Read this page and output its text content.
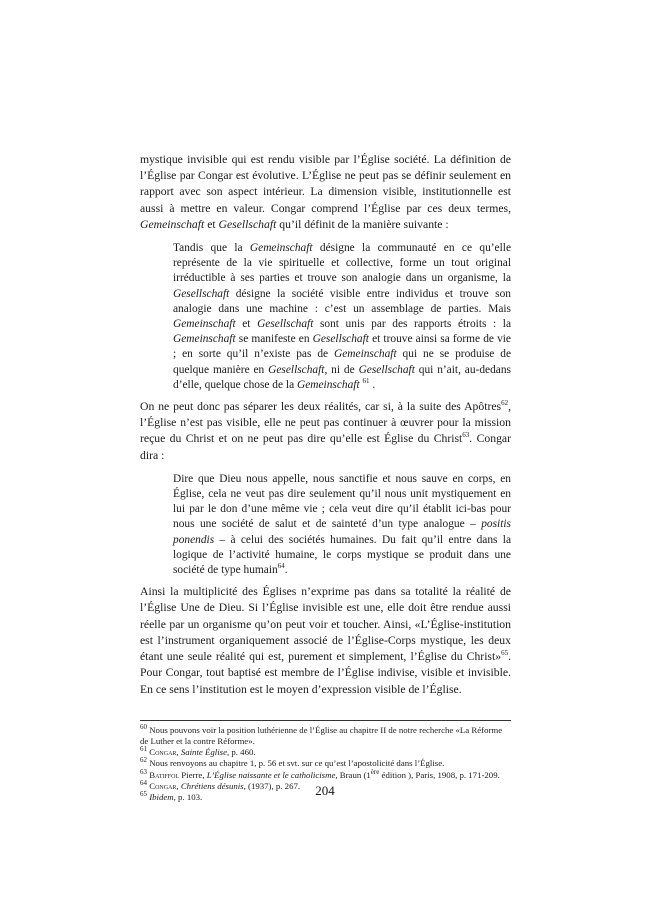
mystique invisible qui est rendu visible par l’Église société. La définition de l’Église par Congar est évolutive. L’Église ne peut pas se définir seulement en rapport avec son aspect intérieur. La dimension visible, institutionnelle est aussi à mettre en valeur. Congar comprend l’Église par ces deux termes, Gemeinschaft et Gesellschaft qu’il définit de la manière suivante :

Tandis que la Gemeinschaft désigne la communauté en ce qu’elle représente de la vie spirituelle et collective, forme un tout original irréductible à ses parties et trouve son analogie dans un organisme, la Gesellschaft désigne la société visible entre individus et trouve son analogie dans une machine : c’est un assemblage de parties. Mais Gemeinschaft et Gesellschaft sont unis par des rapports étroits : la Gemeinschaft se manifeste en Gesellschaft et trouve ainsi sa forme de vie ; en sorte qu’il n’existe pas de Gemeinschaft qui ne se produise de quelque manière en Gesellschaft, ni de Gesellschaft qui n’ait, au-dedans d’elle, quelque chose de la Gemeinschaft $^{61}$ .

On ne peut donc pas séparer les deux réalités, car si, à la suite des Apôtres$^{62}$, l’Église n’est pas visible, elle ne peut pas continuer à œuvrer pour la mission reçue du Christ et on ne peut pas dire qu’elle est Église du Christ$^{63}$. Congar dira :

Dire que Dieu nous appelle, nous sanctifie et nous sauve en corps, en Église, cela ne veut pas dire seulement qu’il nous unit mystiquement en lui par le don d’une même vie ; cela veut dire qu’il établit ici-bas pour nous une société de salut et de sainteté d’un type analogue – positis ponendis – à celui des sociétés humaines. Du fait qu’il entre dans la logique de l’activité humaine, le corps mystique se produit dans une société de type humain$^{64}$.

Ainsi la multiplicité des Églises n’exprime pas dans sa totalité la réalité de l’Église Une de Dieu. Si l’Église invisible est une, elle doit être rendue aussi réelle par un organisme qu’on peut voir et toucher. Ainsi, «L’Église-institution est l’instrument organiquement associé de l’Église-Corps mystique, les deux étant une seule réalité qui est, purement et simplement, l’Église du Christ»$^{65}$. Pour Congar, tout baptisé est membre de l’Église indivise, visible et invisible. En ce sens l’institution est le moyen d’expression visible de l’Église.

$^{60}$ Nous pouvons voir la position luthérienne de l’Église au chapitre II de notre recherche «La Réforme de Luther et la contre Réforme».

$^{61}$ Congar, Sainte Église, p. 460.

$^{62}$ Nous renvoyons au chapitre 1, p. 56 et svt. sur ce qu’est l’apostolicité dans l’Église.

$^{63}$ Batiffol Pierre, L’Église naissante et le catholicisme, Braun (1ère édition ), Paris, 1908, p. 171-209.

$^{64}$ Congar, Chrétiens désunis, (1937), p. 267.

$^{65}$ Ibidem, p. 103.	204
